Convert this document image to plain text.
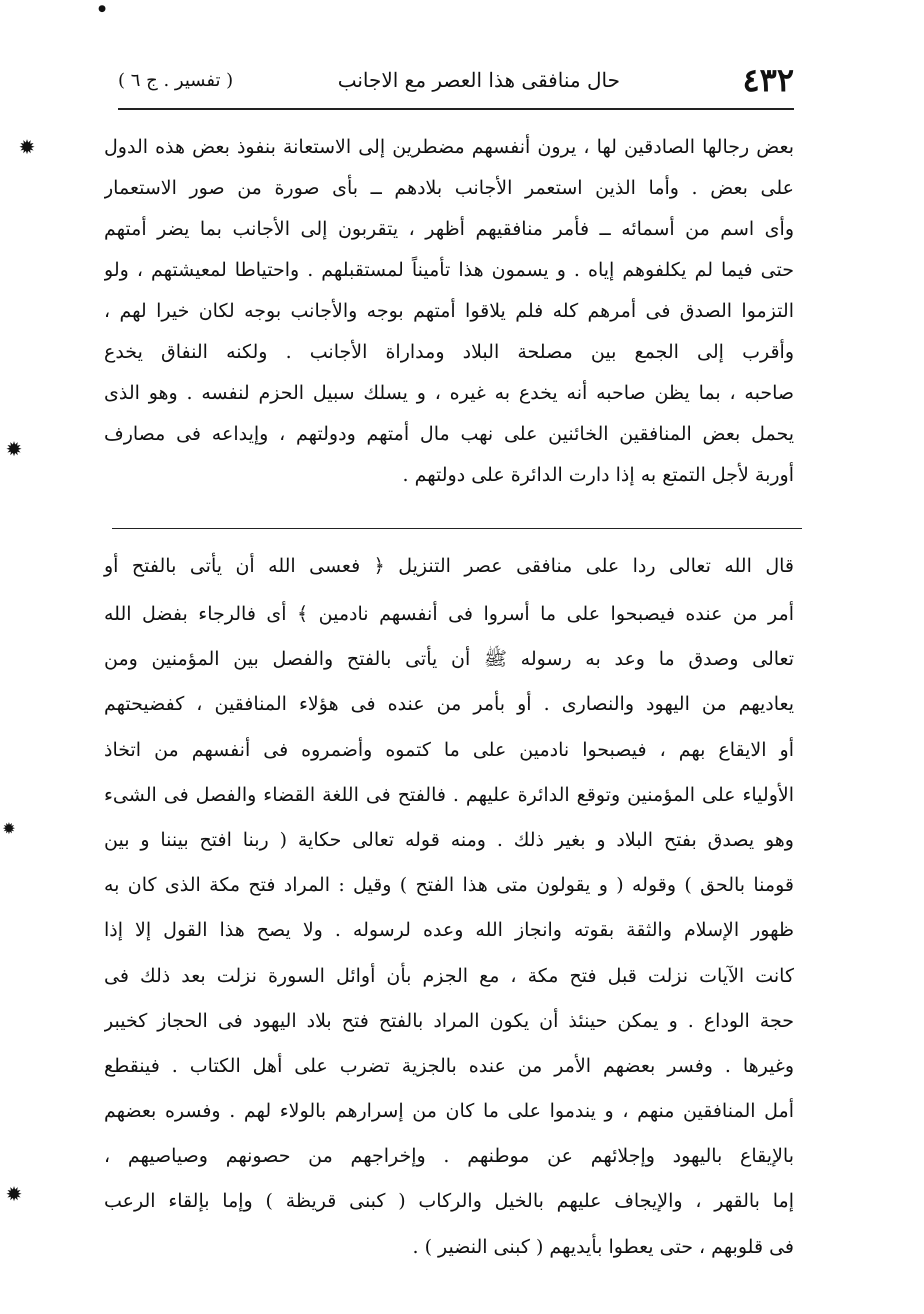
٤٣٢
حال منافقى هذا العصر مع الاجانب
( تفسير . ج ٦ )
بعض رجالها الصادقين لها ، يرون أنفسهم مضطرين إلى الاستعانة بنفوذ بعض هذه الدول
على بعض . وأما الذين استعمر الأجانب بلادهم ــ بأى صورة من صور الاستعمار
وأى اسم من أسمائه ــ فأمر منافقيهم أظهر ، يتقربون إلى الأجانب بما يضر أمتهم
حتى فيما لم يكلفوهم إياه . و يسمون هذا تأميناً لمستقبلهم . واحتياطا لمعيشتهم ، ولو
التزموا الصدق فى أمرهم كله فلم يلاقوا أمتهم بوجه والأجانب بوجه لكان خيرا لهم ،
وأقرب إلى الجمع بين مصلحة البلاد ومداراة الأجانب . ولكنه النفاق يخدع
صاحبه ، بما يظن صاحبه أنه يخدع به غيره ، و يسلك سبيل الحزم لنفسه . وهو الذى
يحمل بعض المنافقين الخائنين على نهب مال أمتهم ودولتهم ، وإيداعه فى مصارف
أوربة لأجل التمتع به إذا دارت الدائرة على دولتهم .
قال الله تعالى ردا على منافقى عصر التنزيل ﴿ فعسى الله أن يأتى بالفتح أو
أمر من عنده فيصبحوا على ما أسروا فى أنفسهم نادمين ﴾ أى فالرجاء بفضل الله
تعالى وصدق ما وعد به رسوله ﷺ أن يأتى بالفتح والفصل بين المؤمنين ومن
يعاديهم من اليهود والنصارى . أو بأمر من عنده فى هؤلاء المنافقين ، كفضيحتهم
أو الايقاع بهم ، فيصبحوا نادمين على ما كتموه وأضمروه فى أنفسهم من اتخاذ
الأولياء على المؤمنين وتوقع الدائرة عليهم . فالفتح فى اللغة القضاء والفصل فى الشىء
وهو يصدق بفتح البلاد و بغير ذلك . ومنه قوله تعالى حكاية ( ربنا افتح بيننا و بين
قومنا بالحق ) وقوله ( و يقولون متى هذا الفتح ) وقيل : المراد فتح مكة الذى كان به
ظهور الإسلام والثقة بقوته وانجاز الله وعده لرسوله . ولا يصح هذا القول إلا إذا
كانت الآيات نزلت قبل فتح مكة ، مع الجزم بأن أوائل السورة نزلت بعد ذلك فى
حجة الوداع . و يمكن حينئذ أن يكون المراد بالفتح فتح بلاد اليهود فى الحجاز كخيبر
وغيرها . وفسر بعضهم الأمر من عنده بالجزية تضرب على أهل الكتاب . فينقطع
أمل المنافقين منهم ، و يندموا على ما كان من إسرارهم بالولاء لهم . وفسره بعضهم
بالإيقاع باليهود وإجلائهم عن موطنهم . وإخراجهم من حصونهم وصياصيهم ،
إما بالقهر ، والإيجاف عليهم بالخيل والركاب ( كبنى قريظة ) وإما بإلقاء الرعب
فى قلوبهم ، حتى يعطوا بأيديهم ( كبنى النضير ) .
●
✹
✹
✹
✹
